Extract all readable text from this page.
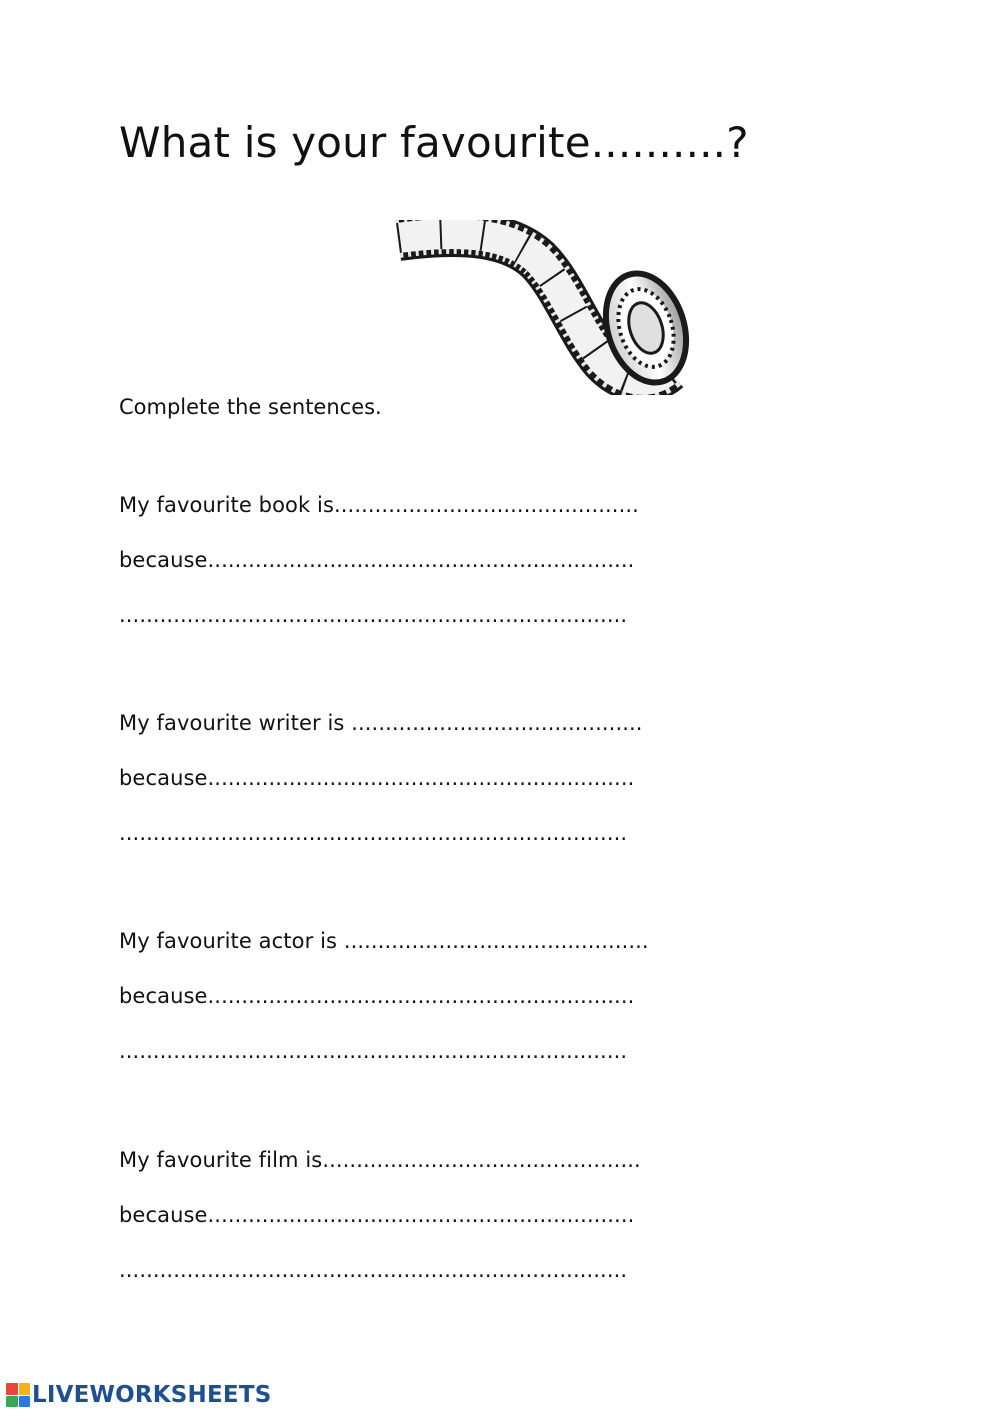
What is your favourite..........?
Complete the sentences.
My favourite book is.............................................
because...............................................................
...........................................................................
My favourite writer is ...........................................
because...............................................................
...........................................................................
My favourite actor is .............................................
because...............................................................
...........................................................................
My favourite film is...............................................
because...............................................................
...........................................................................
LIVEWORKSHEETS
